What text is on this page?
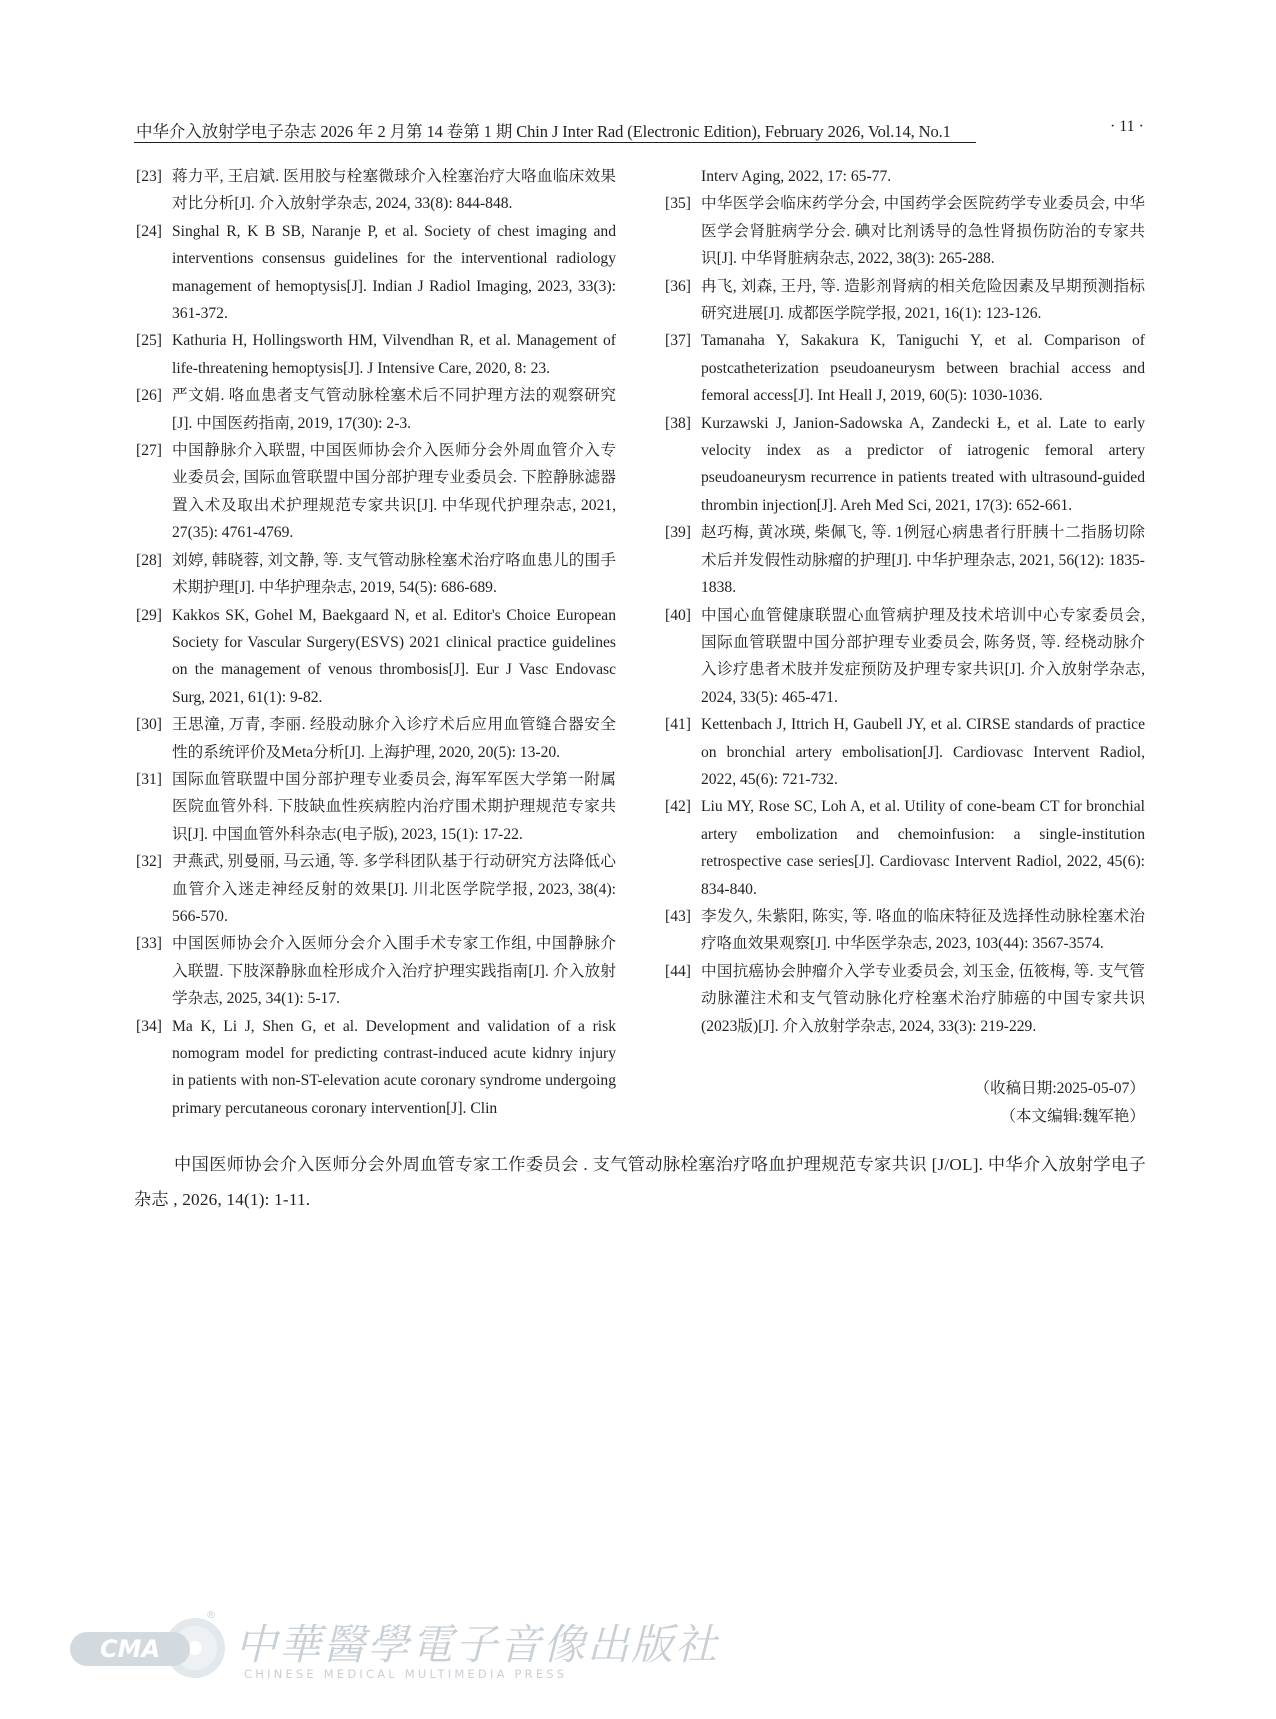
中华介入放射学电子杂志 2026 年 2 月第 14 卷第 1 期 Chin J Inter Rad (Electronic Edition), February 2026, Vol.14, No.1	· 11 ·
[23] 蒋力平, 王启斌. 医用胶与栓塞微球介入栓塞治疗大咯血临床效果对比分析[J]. 介入放射学杂志, 2024, 33(8): 844-848.
[24] Singhal R, K B SB, Naranje P, et al. Society of chest imaging and interventions consensus guidelines for the interventional radiology management of hemoptysis[J]. Indian J Radiol Imaging, 2023, 33(3): 361-372.
[25] Kathuria H, Hollingsworth HM, Vilvendhan R, et al. Management of life-threatening hemoptysis[J]. J Intensive Care, 2020, 8: 23.
[26] 严文娟. 咯血患者支气管动脉栓塞术后不同护理方法的观察研究[J]. 中国医药指南, 2019, 17(30): 2-3.
[27] 中国静脉介入联盟, 中国医师协会介入医师分会外周血管介入专业委员会, 国际血管联盟中国分部护理专业委员会. 下腔静脉滤器置入术及取出术护理规范专家共识[J]. 中华现代护理杂志, 2021, 27(35): 4761-4769.
[28] 刘婷, 韩晓蓉, 刘文静, 等. 支气管动脉栓塞术治疗咯血患儿的围手术期护理[J]. 中华护理杂志, 2019, 54(5): 686-689.
[29] Kakkos SK, Gohel M, Baekgaard N, et al. Editor's Choice European Society for Vascular Surgery(ESVS) 2021 clinical practice guidelines on the management of venous thrombosis[J]. Eur J Vasc Endovasc Surg, 2021, 61(1): 9-82.
[30] 王思潼, 万青, 李丽. 经股动脉介入诊疗术后应用血管缝合器安全性的系统评价及Meta分析[J]. 上海护理, 2020, 20(5): 13-20.
[31] 国际血管联盟中国分部护理专业委员会, 海军军医大学第一附属医院血管外科. 下肢缺血性疾病腔内治疗围术期护理规范专家共识[J]. 中国血管外科杂志(电子版), 2023, 15(1): 17-22.
[32] 尹燕武, 别曼丽, 马云通, 等. 多学科团队基于行动研究方法降低心血管介入迷走神经反射的效果[J]. 川北医学院学报, 2023, 38(4): 566-570.
[33] 中国医师协会介入医师分会介入围手术专家工作组, 中国静脉介入联盟. 下肢深静脉血栓形成介入治疗护理实践指南[J]. 介入放射学杂志, 2025, 34(1): 5-17.
[34] Ma K, Li J, Shen G, et al. Development and validation of a risk nomogram model for predicting contrast-induced acute kidnry injury in patients with non-ST-elevation acute coronary syndrome undergoing primary percutaneous coronary intervention[J]. Clin
Interv Aging, 2022, 17: 65-77.
[35] 中华医学会临床药学分会, 中国药学会医院药学专业委员会, 中华医学会肾脏病学分会. 碘对比剂诱导的急性肾损伤防治的专家共识[J]. 中华肾脏病杂志, 2022, 38(3): 265-288.
[36] 冉飞, 刘森, 王丹, 等. 造影剂肾病的相关危险因素及早期预测指标研究进展[J]. 成都医学院学报, 2021, 16(1): 123-126.
[37] Tamanaha Y, Sakakura K, Taniguchi Y, et al. Comparison of postcatheterization pseudoaneurysm between brachial access and femoral access[J]. Int Heall J, 2019, 60(5): 1030-1036.
[38] Kurzawski J, Janion-Sadowska A, Zandecki Ł, et al. Late to early velocity index as a predictor of iatrogenic femoral artery pseudoaneurysm recurrence in patients treated with ultrasound-guided thrombin injection[J]. Areh Med Sci, 2021, 17(3): 652-661.
[39] 赵巧梅, 黄冰瑛, 柴佩飞, 等. 1例冠心病患者行肝胰十二指肠切除术后并发假性动脉瘤的护理[J]. 中华护理杂志, 2021, 56(12): 1835-1838.
[40] 中国心血管健康联盟心血管病护理及技术培训中心专家委员会, 国际血管联盟中国分部护理专业委员会, 陈务贤, 等. 经桡动脉介入诊疗患者术肢并发症预防及护理专家共识[J]. 介入放射学杂志, 2024, 33(5): 465-471.
[41] Kettenbach J, Ittrich H, Gaubell JY, et al. CIRSE standards of practice on bronchial artery embolisation[J]. Cardiovasc Intervent Radiol, 2022, 45(6): 721-732.
[42] Liu MY, Rose SC, Loh A, et al. Utility of cone-beam CT for bronchial artery embolization and chemoinfusion: a single-institution retrospective case series[J]. Cardiovasc Intervent Radiol, 2022, 45(6): 834-840.
[43] 李发久, 朱紫阳, 陈实, 等. 咯血的临床特征及选择性动脉栓塞术治疗咯血效果观察[J]. 中华医学杂志, 2023, 103(44): 3567-3574.
[44] 中国抗癌协会肿瘤介入学专业委员会, 刘玉金, 伍筱梅, 等. 支气管动脉灌注术和支气管动脉化疗栓塞术治疗肺癌的中国专家共识(2023版)[J]. 介入放射学杂志, 2024, 33(3): 219-229.
（收稿日期:2025-05-07）
（本文编辑:魏军艳）
中国医师协会介入医师分会外周血管专家工作委员会 . 支气管动脉栓塞治疗咯血护理规范专家共识 [J/OL]. 中华介入放射学电子杂志 , 2026, 14(1): 1-11.
CMA
®
中華醫學電子音像出版社
CHINESE MEDICAL MULTIMEDIA PRESS
